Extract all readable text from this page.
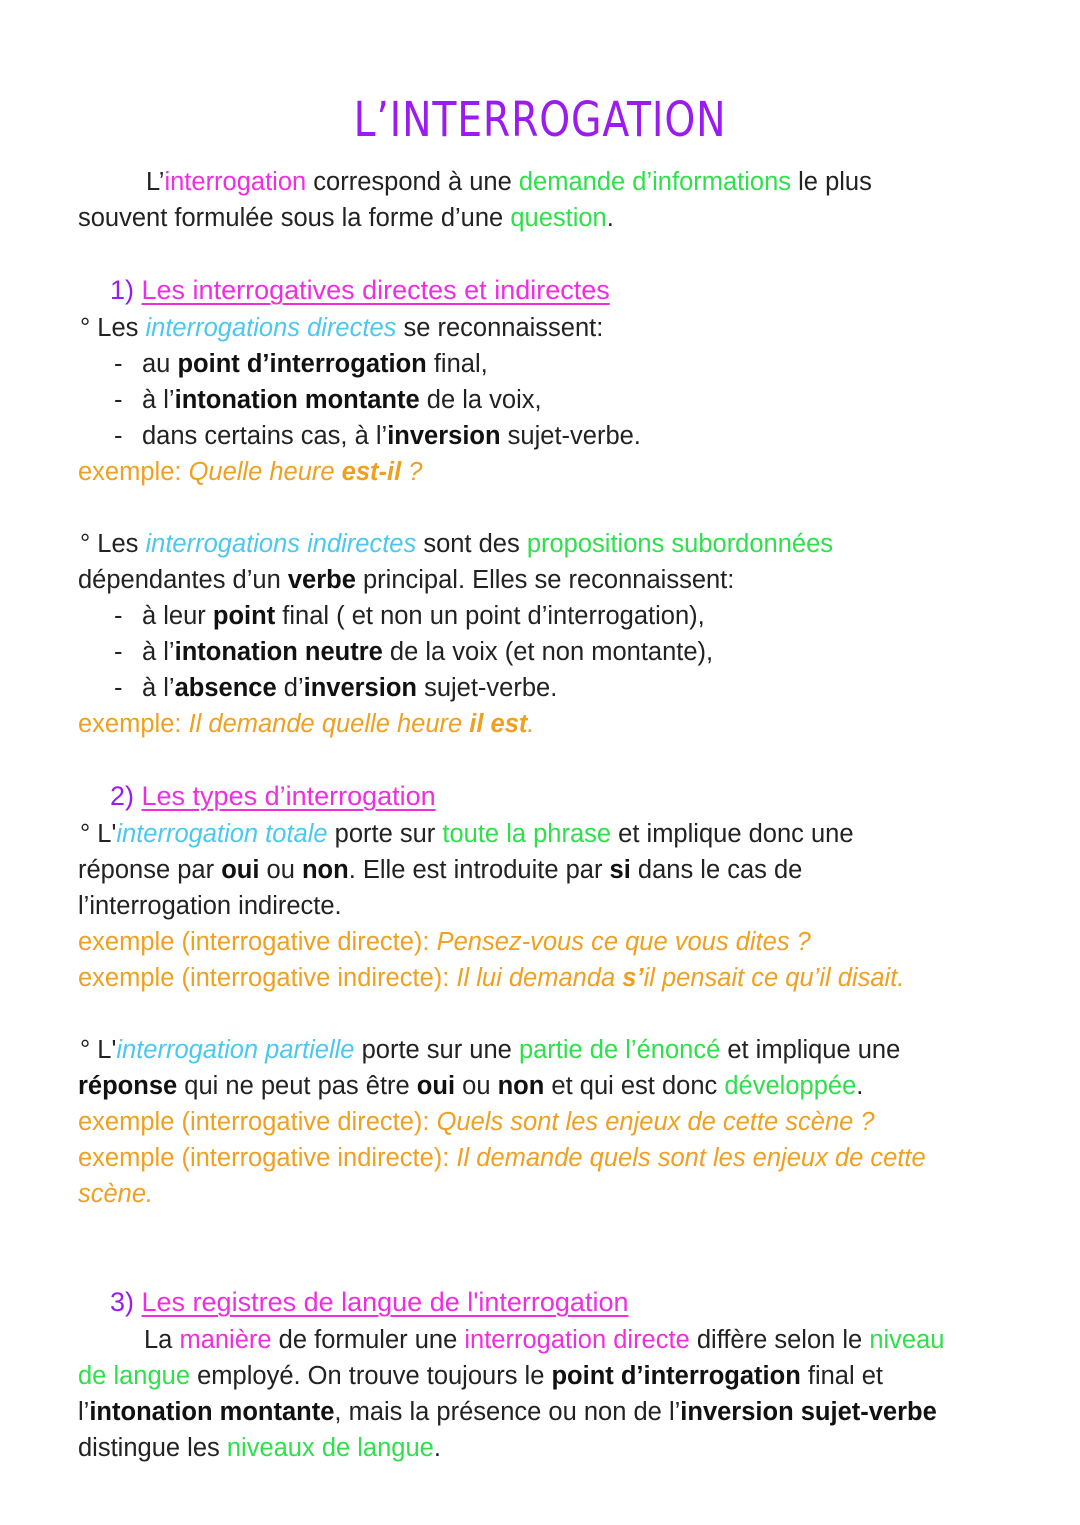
L’INTERROGATION
L’interrogation correspond à une demande d’informations le plus
souvent formulée sous la forme d’une question.
1) Les interrogatives directes et indirectes
° Les interrogations directes se reconnaissent:
- au point d’interrogation final,
- à l’intonation montante de la voix,
- dans certains cas, à l’inversion sujet-verbe.
exemple: Quelle heure est-il ?
° Les interrogations indirectes sont des propositions subordonnées
dépendantes d’un verbe principal. Elles se reconnaissent:
- à leur point final ( et non un point d’interrogation),
- à l’intonation neutre de la voix (et non montante),
- à l’absence d’inversion sujet-verbe.
exemple: Il demande quelle heure il est.
2) Les types d’interrogation
° L'interrogation totale porte sur toute la phrase et implique donc une
réponse par oui ou non. Elle est introduite par si dans le cas de
l’interrogation indirecte.
exemple (interrogative directe): Pensez-vous ce que vous dites ?
exemple (interrogative indirecte): Il lui demanda s’il pensait ce qu’il disait.
° L'interrogation partielle porte sur une partie de l’énoncé et implique une
réponse qui ne peut pas être oui ou non et qui est donc développée.
exemple (interrogative directe): Quels sont les enjeux de cette scène ?
exemple (interrogative indirecte): Il demande quels sont les enjeux de cette
scène.
3) Les registres de langue de l'interrogation
La manière de formuler une interrogation directe diffère selon le niveau
de langue employé. On trouve toujours le point d’interrogation final et
l’intonation montante, mais la présence ou non de l’inversion sujet-verbe
distingue les niveaux de langue.
